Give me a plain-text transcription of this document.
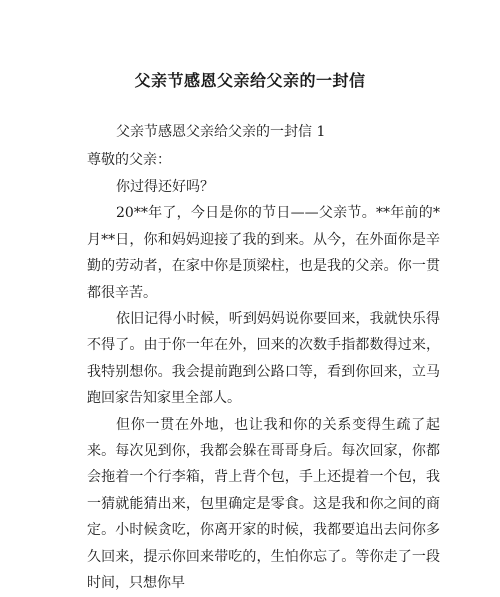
父亲节感恩父亲给父亲的一封信
父亲节感恩父亲给父亲的一封信 1
尊敬的父亲：

你过得还好吗？

20**年了，今日是你的节日——父亲节。**年前的*月**日，你和妈妈迎接了我的到来。从今，在外面你是辛勤的劳动者，在家中你是顶梁柱，也是我的父亲。你一贯都很辛苦。

依旧记得小时候，听到妈妈说你要回来，我就快乐得不得了。由于你一年在外，回来的次数手指都数得过来，我特别想你。我会提前跑到公路口等，看到你回来，立马跑回家告知家里全部人。

但你一贯在外地，也让我和你的关系变得生疏了起来。每次见到你，我都会躲在哥哥身后。每次回家，你都会拖着一个行李箱，背上背个包，手上还提着一个包，我一猜就能猜出来，包里确定是零食。这是我和你之间的商定。小时候贪吃，你离开家的时候，我都要追出去问你多久回来，提示你回来带吃的，生怕你忘了。等你走了一段时间，只想你早
